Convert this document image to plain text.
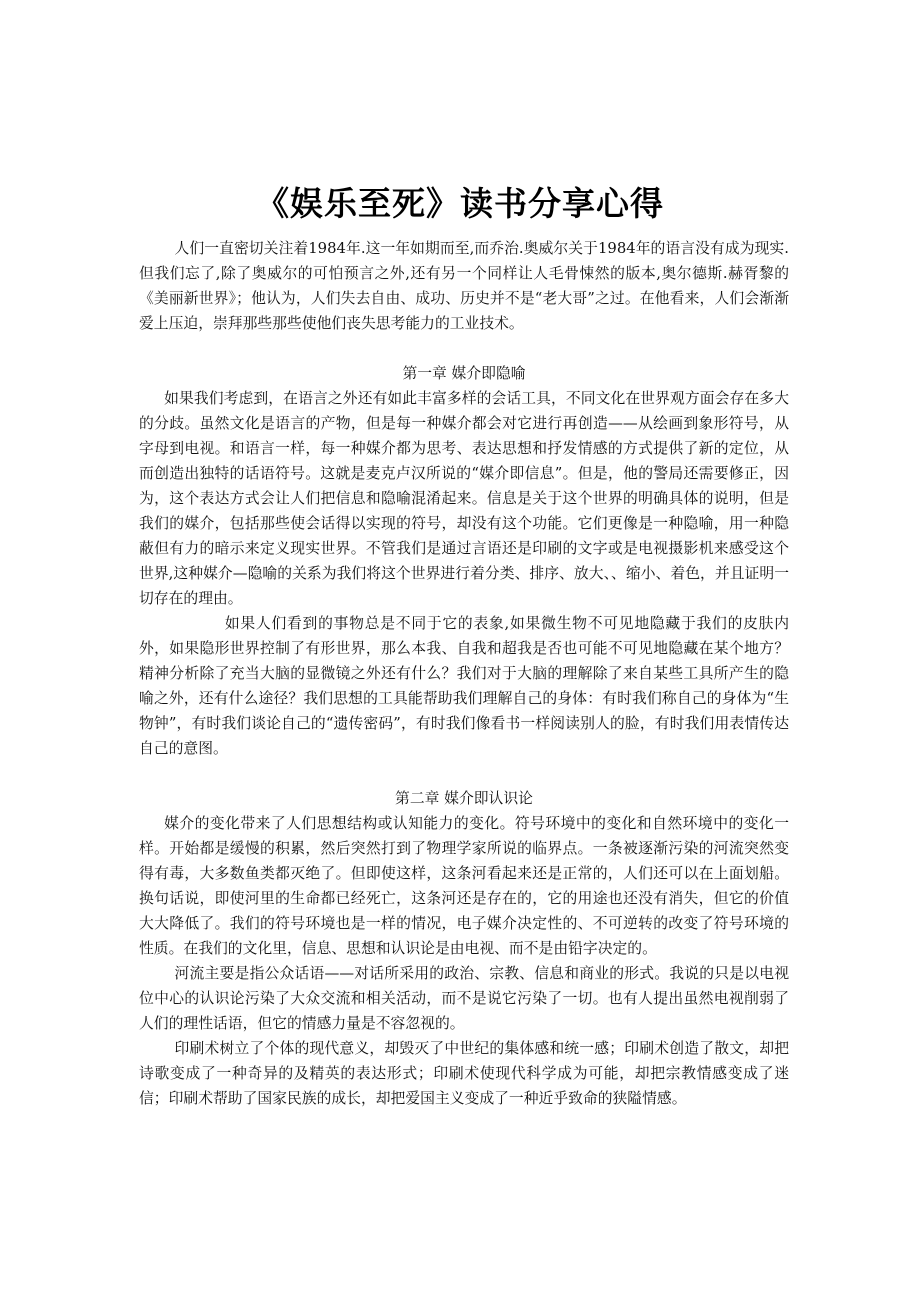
《娱乐至死》读书分享心得

人们一直密切关注着1984年.这一年如期而至,而乔治.奥威尔关于1984年的语言没有成为现实.但我们忘了,除了奥威尔的可怕预言之外,还有另一个同样让人毛骨悚然的版本,奥尔德斯.赫胥黎的《美丽新世界》；他认为，人们失去自由、成功、历史并不是“老大哥”之过。在他看来，人们会渐渐爱上压迫，崇拜那些那些使他们丧失思考能力的工业技术。

第一章 媒介即隐喻

如果我们考虑到，在语言之外还有如此丰富多样的会话工具，不同文化在世界观方面会存在多大的分歧。虽然文化是语言的产物，但是每一种媒介都会对它进行再创造——从绘画到象形符号，从字母到电视。和语言一样，每一种媒介都为思考、表达思想和抒发情感的方式提供了新的定位，从而创造出独特的话语符号。这就是麦克卢汉所说的“媒介即信息”。但是，他的警局还需要修正，因为，这个表达方式会让人们把信息和隐喻混淆起来。信息是关于这个世界的明确具体的说明，但是我们的媒介，包括那些使会话得以实现的符号，却没有这个功能。它们更像是一种隐喻，用一种隐蔽但有力的暗示来定义现实世界。不管我们是通过言语还是印刷的文字或是电视摄影机来感受这个世界,这种媒介—隐喻的关系为我们将这个世界进行着分类、排序、放大、、缩小、着色，并且证明一切存在的理由。

如果人们看到的事物总是不同于它的表象,如果微生物不可见地隐藏于我们的皮肤内外，如果隐形世界控制了有形世界，那么本我、自我和超我是否也可能不可见地隐藏在某个地方？精神分析除了充当大脑的显微镜之外还有什么？我们对于大脑的理解除了来自某些工具所产生的隐喻之外，还有什么途径？我们思想的工具能帮助我们理解自己的身体：有时我们称自己的身体为“生物钟”，有时我们谈论自己的“遗传密码”，有时我们像看书一样阅读别人的脸，有时我们用表情传达自己的意图。

第二章 媒介即认识论

媒介的变化带来了人们思想结构或认知能力的变化。符号环境中的变化和自然环境中的变化一样。开始都是缓慢的积累，然后突然打到了物理学家所说的临界点。一条被逐渐污染的河流突然变得有毒，大多数鱼类都灭绝了。但即使这样，这条河看起来还是正常的，人们还可以在上面划船。换句话说，即使河里的生命都已经死亡，这条河还是存在的，它的用途也还没有消失，但它的价值大大降低了。我们的符号环境也是一样的情况，电子媒介决定性的、不可逆转的改变了符号环境的性质。在我们的文化里，信息、思想和认识论是由电视、而不是由铅字决定的。

河流主要是指公众话语——对话所采用的政治、宗教、信息和商业的形式。我说的只是以电视位中心的认识论污染了大众交流和相关活动，而不是说它污染了一切。也有人提出虽然电视削弱了人们的理性话语，但它的情感力量是不容忽视的。

印刷术树立了个体的现代意义，却毁灭了中世纪的集体感和统一感；印刷术创造了散文，却把诗歌变成了一种奇异的及精英的表达形式；印刷术使现代科学成为可能，却把宗教情感变成了迷信；印刷术帮助了国家民族的成长，却把爱国主义变成了一种近乎致命的狭隘情感。
